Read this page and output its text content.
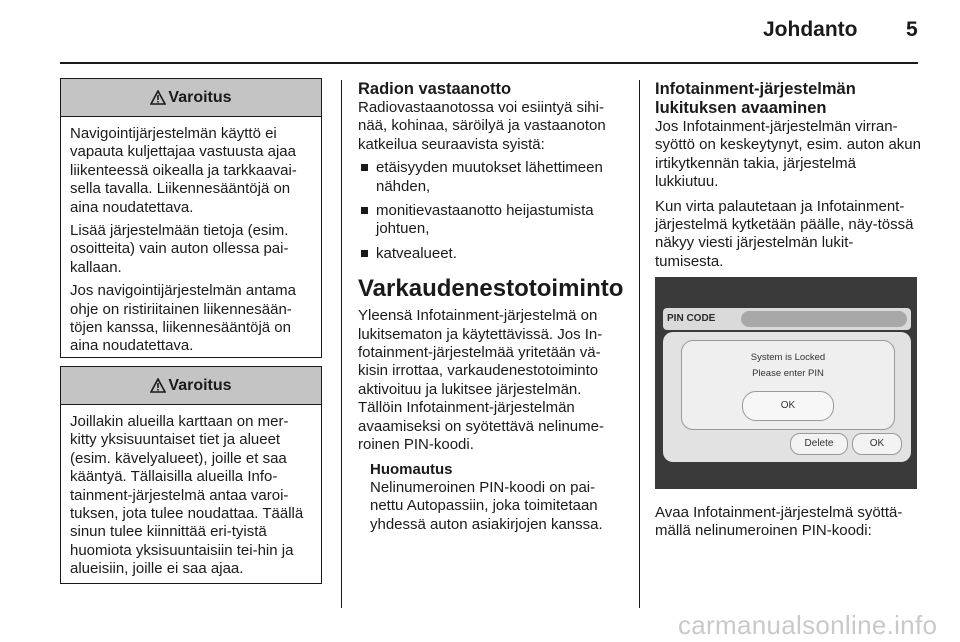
Johdanto 5
Varoitus

Navigointijärjestelmän käyttö ei vapauta kuljettajaa vastuusta ajaa liikenteessä oikealla ja tarkkaavai-sella tavalla. Liikennesääntöjä on aina noudatettava.

Lisää järjestelmään tietoja (esim. osoitteita) vain auton ollessa pai-kallaan.

Jos navigointijärjestelmän antama ohje on ristiriitainen liikennesään-töjen kanssa, liikennesääntöjä on aina noudatettava.

Varoitus

Joillakin alueilla karttaan on mer-kitty yksisuuntaiset tiet ja alueet (esim. kävelyalueet), joille et saa kääntyä. Tällaisilla alueilla Info-tainment-järjestelmä antaa varoi-tuksen, jota tulee noudattaa. Täällä sinun tulee kiinnittää eri-tyistä huomiota yksisuuntaisiin tei-hin ja alueisiin, joille ei saa ajaa.

Radion vastaanotto

Radiovastaanotossa voi esiintyä sihi-nää, kohinaa, säröilyä ja vastaanoton katkeilua seuraavista syistä:

etäisyyden muutokset lähettimeen nähden,
monitievastaanotto heijastumista johtuen,
katvealueet.
Varkaudenestotoiminto

Yleensä Infotainment-järjestelmä on lukitsematon ja käytettävissä. Jos In-fotainment-järjestelmää yritetään vä-kisin irrottaa, varkaudenestotoiminto aktivoituu ja lukitsee järjestelmän. Tällöin Infotainment-järjestelmän avaamiseksi on syötettävä nelinume-roinen PIN-koodi.

Huomautus
Nelinumeroinen PIN-koodi on pai-nettu Autopassiin, joka toimitetaan yhdessä auton asiakirjojen kanssa.
Infotainment-järjestelmän lukituksen avaaminen

Jos Infotainment-järjestelmän virran-syöttö on keskeytynyt, esim. auton akun irtikytkennän takia, järjestelmä lukkiutuu.

Kun virta palautetaan ja Infotainment-järjestelmä kytketään päälle, näy-tössä näkyy viesti järjestelmän lukit-tumisesta.

PIN CODE
System is Locked
Please enter PIN
OK
Delete	OK

Avaa Infotainment-järjestelmä syöttä-mällä nelinumeroinen PIN-koodi:

carmanualsonline.info
